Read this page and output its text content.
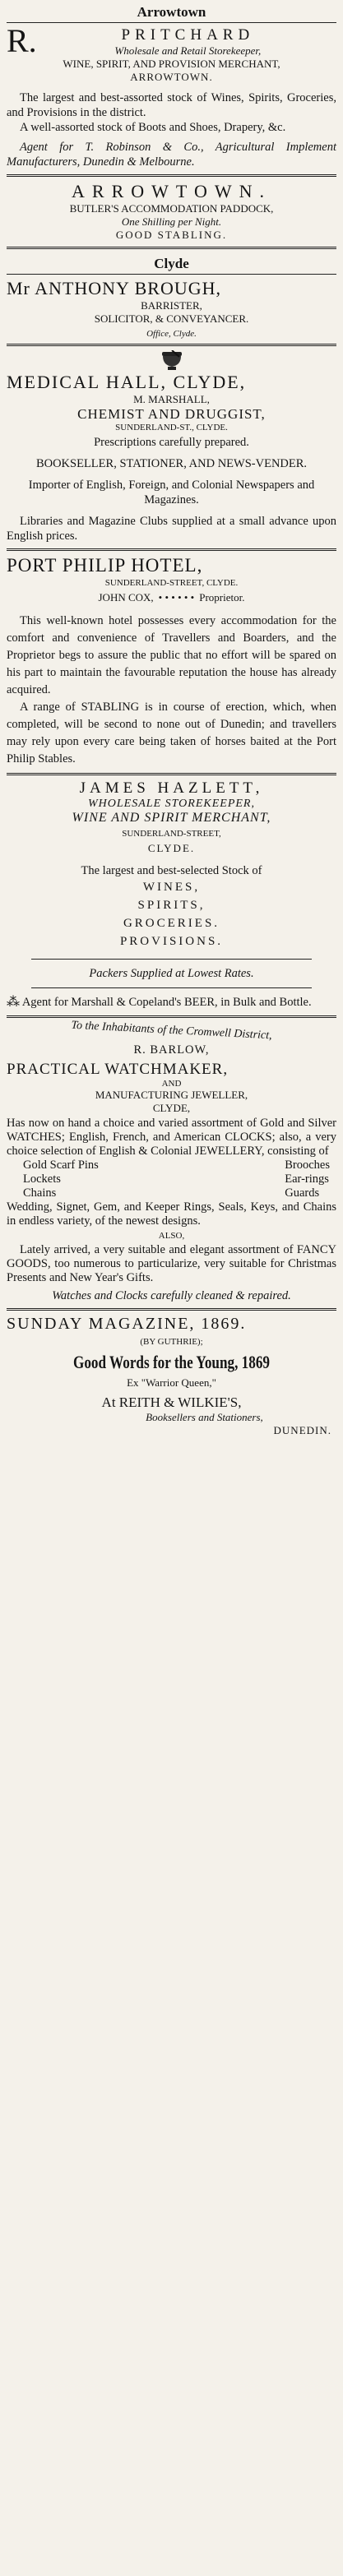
Arrowtown
R.	PRITCHARD
Wholesale and Retail Storekeeper,
WINE, SPIRIT, AND PROVISION MERCHANT,
ARROWTOWN.

The largest and best-assorted stock of Wines, Spirits, Groceries, and Provisions in the district.

A well-assorted stock of Boots and Shoes, Drapery, &c.

Agent for T. Robinson & Co., Agricultural Implement Manufacturers, Dunedin & Melbourne.

ARROWTOWN.
BUTLER'S ACCOMMODATION PADDOCK,
One Shilling per Night.
GOOD STABLING.
Clyde
Mr ANTHONY BROUGH,
BARRISTER,
SOLICITOR, & CONVEYANCER.
Office, Clyde.
MEDICAL HALL, CLYDE,
M. MARSHALL,
CHEMIST AND DRUGGIST,
SUNDERLAND-ST., CLYDE.
Prescriptions carefully prepared.
BOOKSELLER, STATIONER, AND NEWS-VENDER.
Importer of English, Foreign, and Colonial Newspapers and Magazines.

Libraries and Magazine Clubs supplied at a small advance upon English prices.

PORT PHILIP HOTEL,
SUNDERLAND-STREET, CLYDE.
JOHN COX, • • • • • • Proprietor.

This well-known hotel possesses every accommodation for the comfort and convenience of Travellers and Boarders, and the Proprietor begs to assure the public that no effort will be spared on his part to maintain the favourable reputation the house has already acquired.

A range of STABLING is in course of erection, which, when completed, will be second to none out of Dunedin; and travellers may rely upon every care being taken of horses baited at the Port Philip Stables.

JAMES HAZLETT,
WHOLESALE STOREKEEPER,
WINE AND SPIRIT MERCHANT,
SUNDERLAND-STREET,
CLYDE.
The largest and best-selected Stock of
WINES,
SPIRITS,
GROCERIES.
PROVISIONS.
Packers Supplied at Lowest Rates.
⁂ Agent for Marshall & Copeland's BEER, in Bulk and Bottle.
To the Inhabitants of the Cromwell District,
R. BARLOW,
PRACTICAL WATCHMAKER,
AND
MANUFACTURING JEWELLER,
CLYDE,

Has now on hand a choice and varied assortment of Gold and Silver WATCHES; English, French, and American CLOCKS; also, a very choice selection of English & Colonial JEWELLERY, consisting of

Gold Scarf Pins
Lockets
Chains
Brooches
Ear-rings
Guards

Wedding, Signet, Gem, and Keeper Rings, Seals, Keys, and Chains in endless variety, of the newest designs.

ALSO,

Lately arrived, a very suitable and elegant assortment of FANCY GOODS, too numerous to particularize, very suitable for Christmas Presents and New Year's Gifts.

Watches and Clocks carefully cleaned & repaired.
SUNDAY MAGAZINE, 1869.
(BY GUTHRIE);
Good Words for the Young, 1869
Ex "Warrior Queen,"
At REITH & WILKIE'S,
Booksellers and Stationers,
DUNEDIN.
